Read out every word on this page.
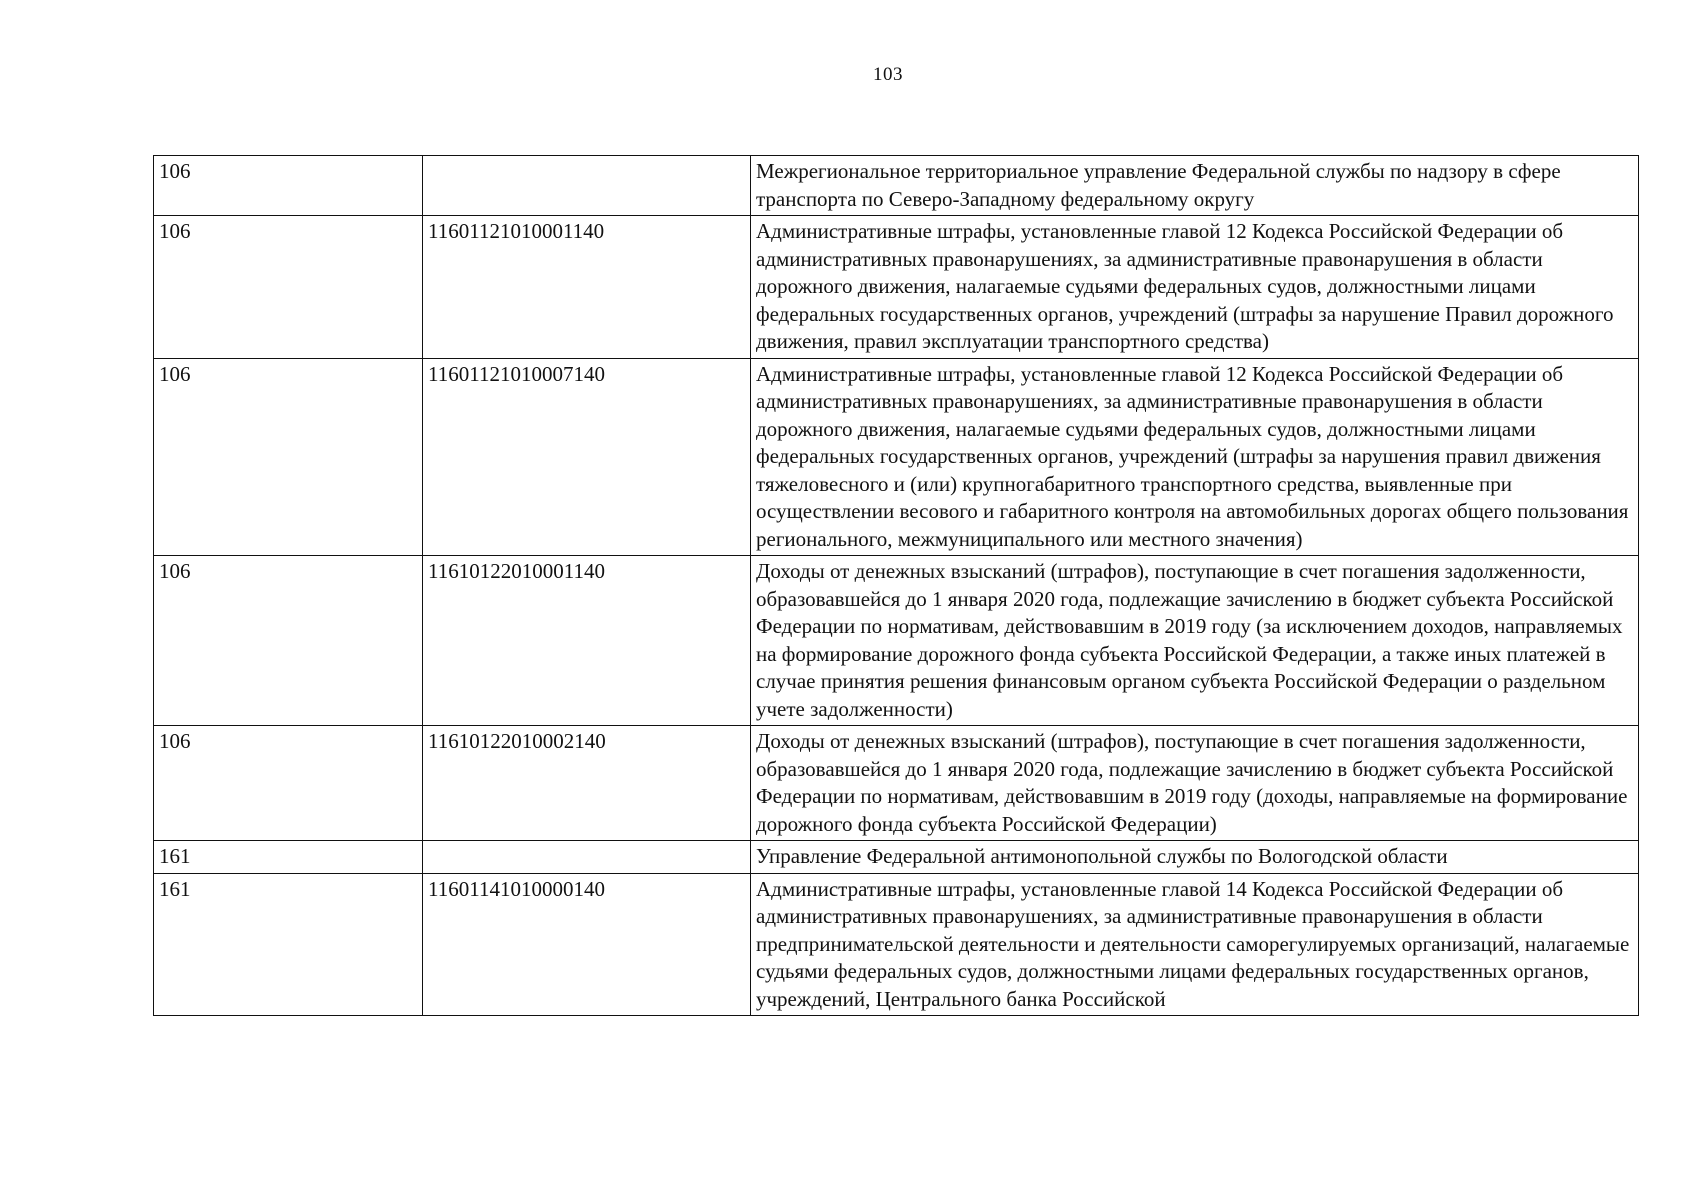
103
106		Межрегиональное территориальное управление Федеральной службы по надзору в сфере транспорта по Северо-Западному федеральному округу
106	11601121010001140	Административные штрафы, установленные главой 12 Кодекса Российской Федерации об административных правонарушениях, за административные правонарушения в области дорожного движения, налагаемые судьями федеральных судов, должностными лицами федеральных государственных органов, учреждений (штрафы за нарушение Правил дорожного движения, правил эксплуатации транспортного средства)
106	11601121010007140	Административные штрафы, установленные главой 12 Кодекса Российской Федерации об административных правонарушениях, за административные правонарушения в области дорожного движения, налагаемые судьями федеральных судов, должностными лицами федеральных государственных органов, учреждений (штрафы за нарушения правил движения тяжеловесного и (или) крупногабаритного транспортного средства, выявленные при осуществлении весового и габаритного контроля на автомобильных дорогах общего пользования регионального, межмуниципального или местного значения)
106	11610122010001140	Доходы от денежных взысканий (штрафов), поступающие в счет погашения задолженности, образовавшейся до 1 января 2020 года, подлежащие зачислению в бюджет субъекта Российской Федерации по нормативам, действовавшим в 2019 году (за исключением доходов, направляемых на формирование дорожного фонда субъекта Российской Федерации, а также иных платежей в случае принятия решения финансовым органом субъекта Российской Федерации о раздельном учете задолженности)
106	11610122010002140	Доходы от денежных взысканий (штрафов), поступающие в счет погашения задолженности, образовавшейся до 1 января 2020 года, подлежащие зачислению в бюджет субъекта Российской Федерации по нормативам, действовавшим в 2019 году (доходы, направляемые на формирование дорожного фонда субъекта Российской Федерации)
161		Управление Федеральной антимонопольной службы по Вологодской области
161	11601141010000140	Административные штрафы, установленные главой 14 Кодекса Российской Федерации об административных правонарушениях, за административные правонарушения в области предпринимательской деятельности и деятельности саморегулируемых организаций, налагаемые судьями федеральных судов, должностными лицами федеральных государственных органов, учреждений, Центрального банка Российской
